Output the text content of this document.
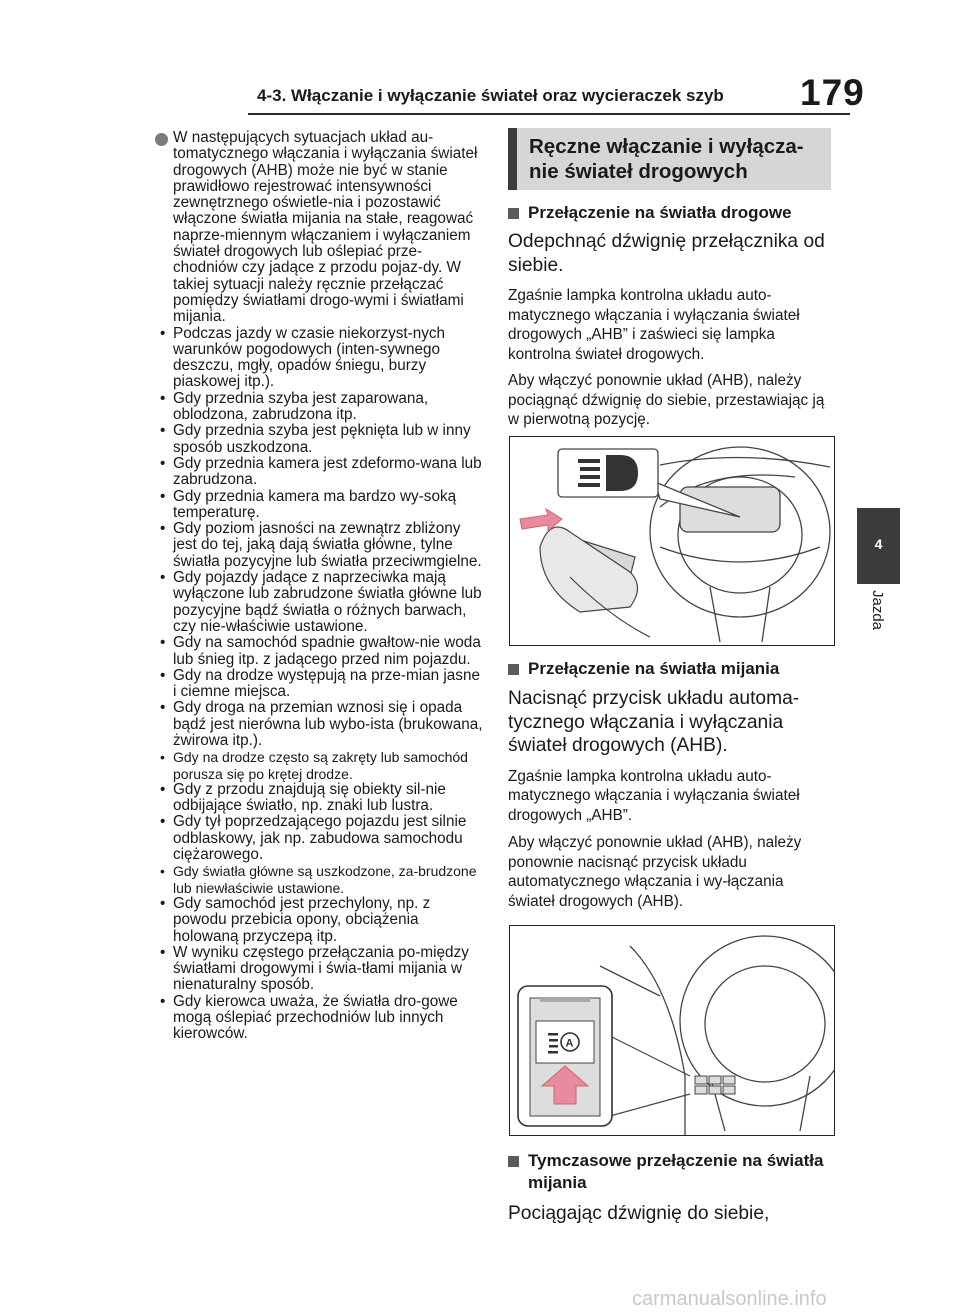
4-3. Włączanie i wyłączanie świateł oraz wycieraczek szyb 179
4
Jazda

W następujących sytuacjach układ au-tomatycznego włączania i wyłączania świateł drogowych (AHB) może nie być w stanie prawidłowo rejestrować intensywności zewnętrznego oświetle-nia i pozostawić włączone światła mijania na stałe, reagować naprze-miennym włączaniem i wyłączaniem świateł drogowych lub oślepiać prze-chodniów czy jadące z przodu pojaz-dy. W takiej sytuacji należy ręcznie przełączać pomiędzy światłami drogo-wymi i światłami mijania.

• Podczas jazdy w czasie niekorzyst-nych warunków pogodowych (inten-sywnego deszczu, mgły, opadów śniegu, burzy piaskowej itp.).
• Gdy przednia szyba jest zaparowana, oblodzona, zabrudzona itp.
• Gdy przednia szyba jest pęknięta lub w inny sposób uszkodzona.
• Gdy przednia kamera jest zdeformo-wana lub zabrudzona.
• Gdy przednia kamera ma bardzo wy-soką temperaturę.
• Gdy poziom jasności na zewnątrz zbliżony jest do tej, jaką dają światła główne, tylne światła pozycyjne lub światła przeciwmgielne.
• Gdy pojazdy jadące z naprzeciwka mają wyłączone lub zabrudzone światła główne lub pozycyjne bądź światła o różnych barwach, czy nie-właściwie ustawione.
• Gdy na samochód spadnie gwałtow-nie woda lub śnieg itp. z jadącego przed nim pojazdu.
• Gdy na drodze występują na prze-mian jasne i ciemne miejsca.
• Gdy droga na przemian wznosi się i opada bądź jest nierówna lub wybo-ista (brukowana, żwirowa itp.).
• Gdy na drodze często są zakręty lub samochód porusza się po krętej drodze.
• Gdy z przodu znajdują się obiekty sil-nie odbijające światło, np. znaki lub lustra.
• Gdy tył poprzedzającego pojazdu jest silnie odblaskowy, jak np. zabudowa samochodu ciężarowego.
• Gdy światła główne są uszkodzone, za-brudzone lub niewłaściwie ustawione.
• Gdy samochód jest przechylony, np. z powodu przebicia opony, obciążenia holowaną przyczepą itp.
• W wyniku częstego przełączania po-między światłami drogowymi i świa-tłami mijania w nienaturalny sposób.
• Gdy kierowca uważa, że światła dro-gowe mogą oślepiać przechodniów lub innych kierowców.
Ręczne włączanie i wyłącza-nie świateł drogowych

Przełączenie na światła drogowe

Odepchnąć dźwignię przełącznika od siebie.

Zgaśnie lampka kontrolna układu auto-matycznego włączania i wyłączania świateł drogowych „AHB” i zaświeci się lampka kontrolna świateł drogowych.

Aby włączyć ponownie układ (AHB), należy pociągnąć dźwignię do siebie, przestawiając ją w pierwotną pozycję.

Przełączenie na światła mijania

Nacisnąć przycisk układu automa-tycznego włączania i wyłączania świateł drogowych (AHB).

Zgaśnie lampka kontrolna układu auto-matycznego włączania i wyłączania świateł drogowych „AHB”.

Aby włączyć ponownie układ (AHB), należy ponownie nacisnąć przycisk układu automatycznego włączania i wy-łączania świateł drogowych (AHB).

A

Tymczasowe przełączenie na światła mijania

Pociągając dźwignię do siebie,

carmanualsonline.info
